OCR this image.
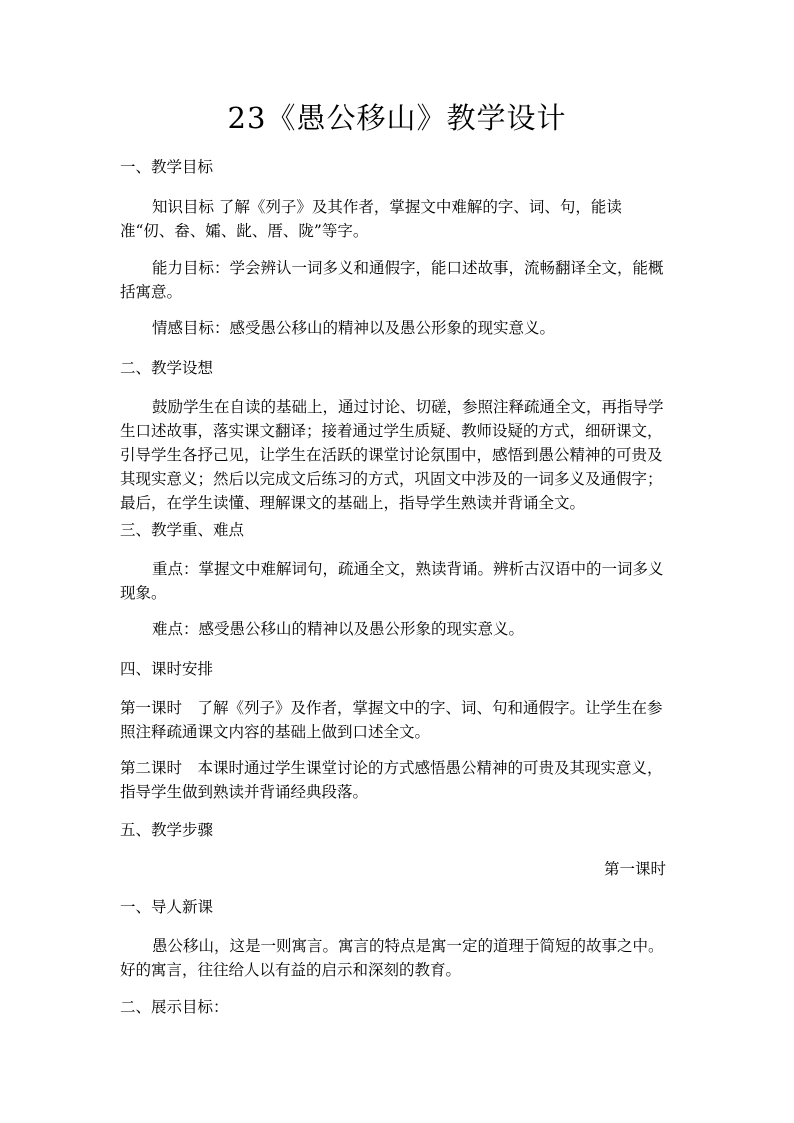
23《愚公移山》教学设计

一、教学目标

知识目标 了解《列子》及其作者，掌握文中难解的字、词、句，能读准“仞、畚、孀、龀、厝、陇”等字。

能力目标：学会辨认一词多义和通假字，能口述故事，流畅翻译全文，能概括寓意。

情感目标：感受愚公移山的精神以及愚公形象的现实意义。

二、教学设想

鼓励学生在自读的基础上，通过讨论、切磋，参照注释疏通全文，再指导学生口述故事，落实课文翻译；接着通过学生质疑、教师设疑的方式，细研课文，引导学生各抒己见，让学生在活跃的课堂讨论氛围中，感悟到愚公精神的可贵及其现实意义；然后以完成文后练习的方式，巩固文中涉及的一词多义及通假字；最后，在学生读懂、理解课文的基础上，指导学生熟读并背诵全文。

三、教学重、难点

重点：掌握文中难解词句，疏通全文，熟读背诵。辨析古汉语中的一词多义现象。

难点：感受愚公移山的精神以及愚公形象的现实意义。

四、课时安排

第一课时　了解《列子》及作者，掌握文中的字、词、句和通假字。让学生在参照注释疏通课文内容的基础上做到口述全文。

第二课时　本课时通过学生课堂讨论的方式感悟愚公精神的可贵及其现实意义，指导学生做到熟读并背诵经典段落。

五、教学步骤

第一课时

一、导人新课

愚公移山，这是一则寓言。寓言的特点是寓一定的道理于简短的故事之中。好的寓言，往往给人以有益的启示和深刻的教育。

二、展示目标：
